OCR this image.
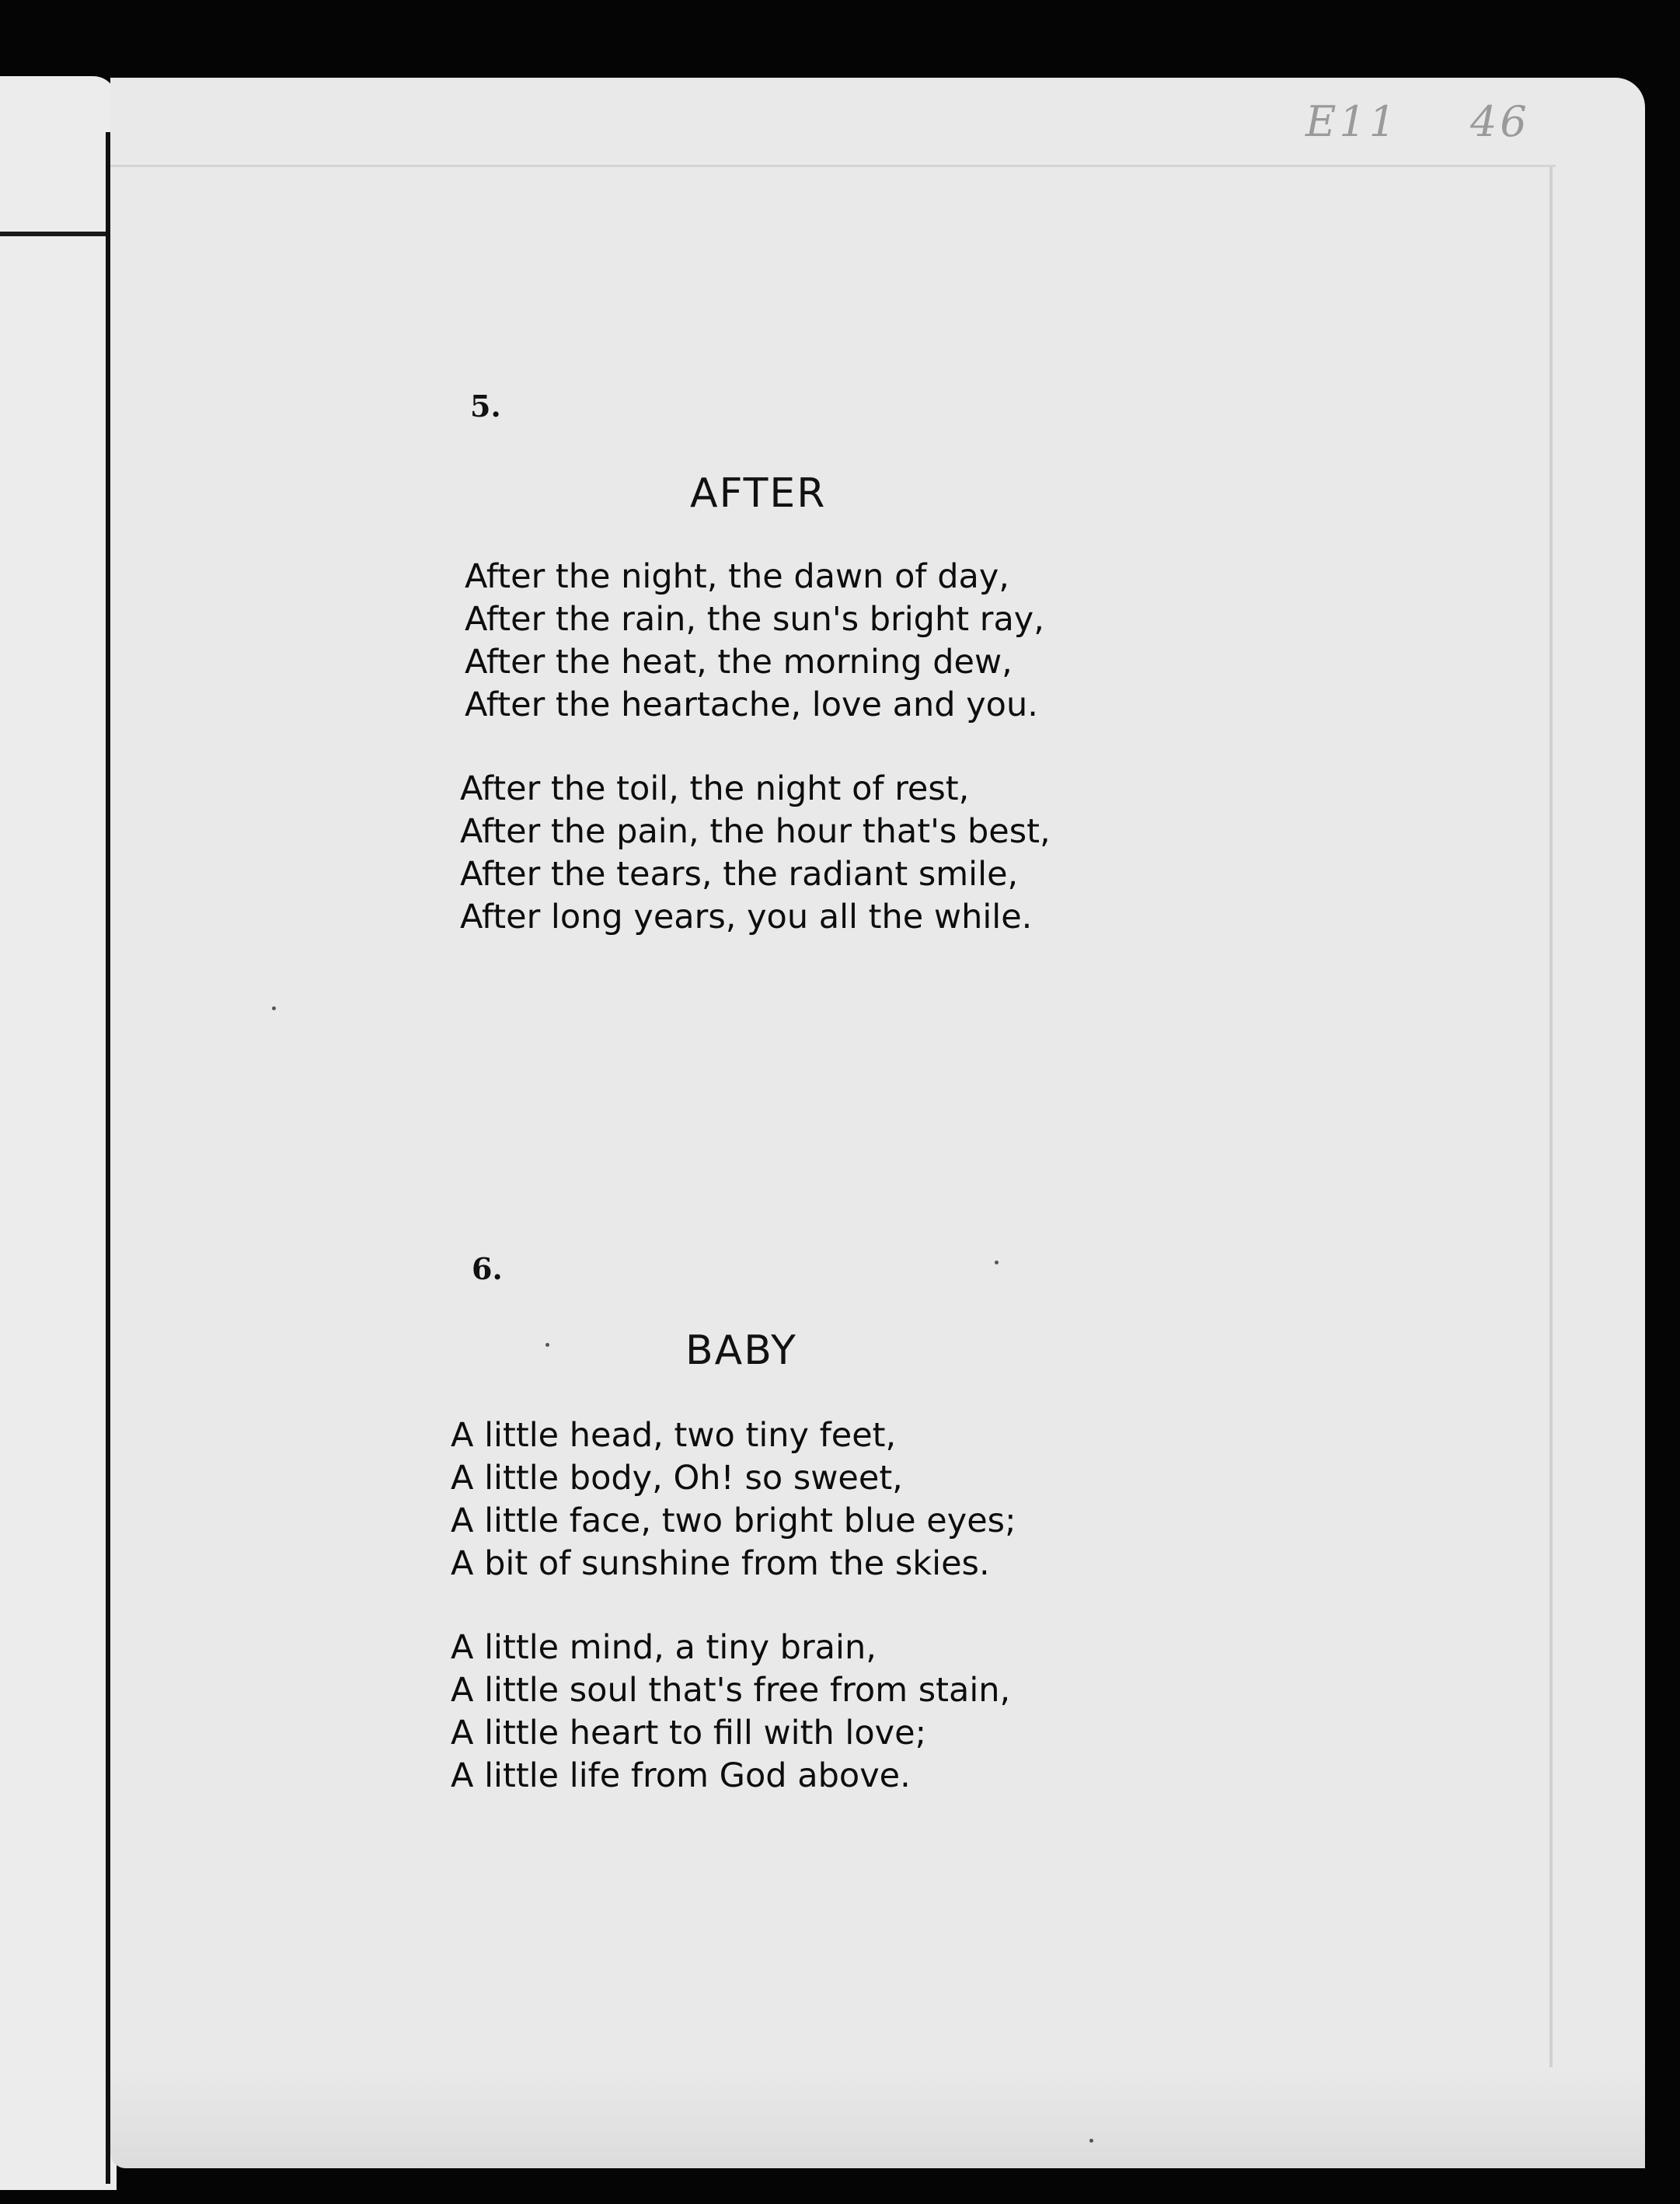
E11 46
5.
AFTER
After the night, the dawn of day,
After the rain, the sun's bright ray,
After the heat, the morning dew,
After the heartache, love and you.
After the toil, the night of rest,
After the pain, the hour that's best,
After the tears, the radiant smile,
After long years, you all the while.
6.
BABY
A little head, two tiny feet,
A little body, Oh! so sweet,
A little face, two bright blue eyes;
A bit of sunshine from the skies.
A little mind, a tiny brain,
A little soul that's free from stain,
A little heart to fill with love;
A little life from God above.
